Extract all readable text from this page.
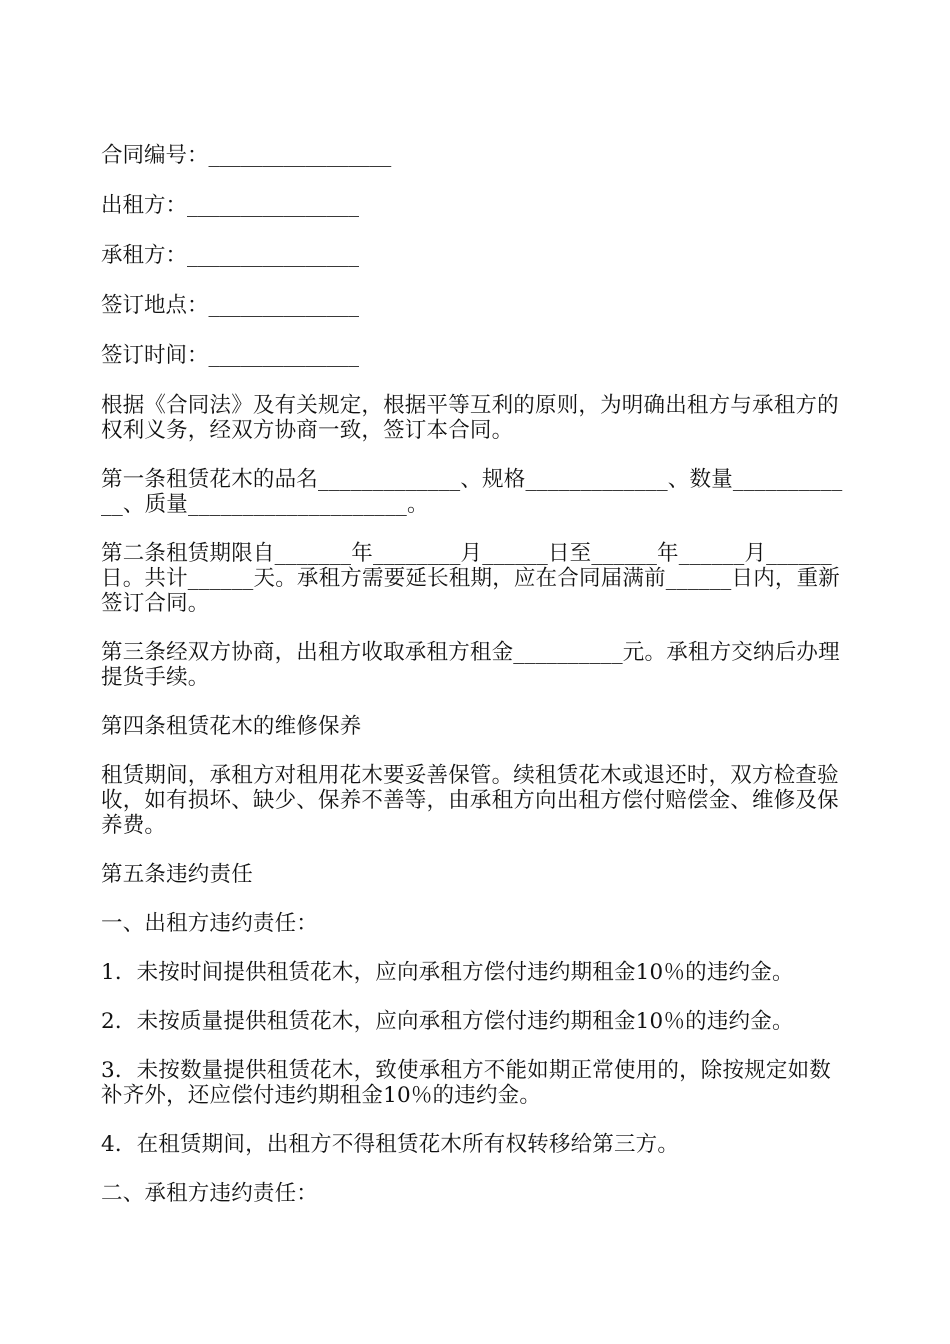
合同编号：_________________

出租方：________________

承租方：________________

签订地点：______________

签订时间：______________

根据《合同法》及有关规定，根据平等互利的原则，为明确出租方与承租方的权利义务，经双方协商一致，签订本合同。

第一条租赁花木的品名_____________、规格_____________、数量____________、质量____________________。

第二条租赁期限自_______年________月______日至______年______月______日。共计______天。承租方需要延长租期，应在合同届满前______日内，重新签订合同。

第三条经双方协商，出租方收取承租方租金__________元。承租方交纳后办理提货手续。

第四条租赁花木的维修保养

租赁期间，承租方对租用花木要妥善保管。续租赁花木或退还时，双方检查验收，如有损坏、缺少、保养不善等，由承租方向出租方偿付赔偿金、维修及保养费。

第五条违约责任

一、出租方违约责任：

1．未按时间提供租赁花木，应向承租方偿付违约期租金10％的违约金。

2．未按质量提供租赁花木，应向承租方偿付违约期租金10％的违约金。

3．未按数量提供租赁花木，致使承租方不能如期正常使用的，除按规定如数补齐外，还应偿付违约期租金10％的违约金。

4．在租赁期间，出租方不得租赁花木所有权转移给第三方。

二、承租方违约责任：
